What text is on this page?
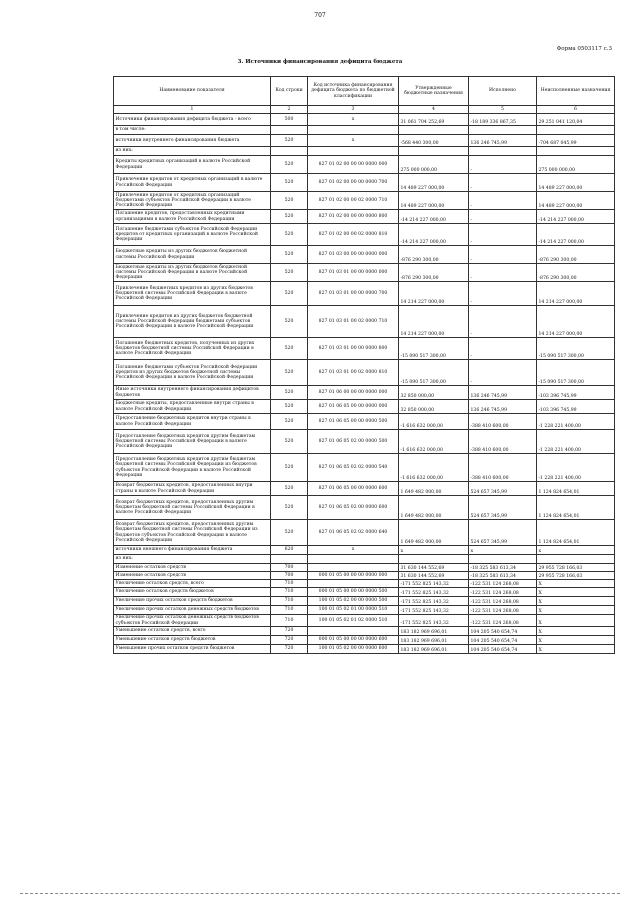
707
Форма 0503117 с.3
3. Источники финансирования дефицита бюджета
Наименование показателя	Код строки	Код источника финансирования дефицита бюджета по бюджетной классификации	Утвержденные бюджетные назначения	Исполнено	Неисполненные назначения
1	2	3	4	5	6
Источники финансирования дефицита бюджета - всего	500	x	31 061 704 252,69	-18 189 336 867,35	29 251 041 120,04
в том числе:					
источники внутреннего финансирования бюджета	520	x	-568 440 300,00	136 246 745,99	-704 687 045,99
из них:					
Кредиты кредитных организаций в валюте Российской Федерации	520	827 01 02 00 00 00 0000 000	275 000 000,00	-	275 000 000,00
Привлечение кредитов от кредитных организаций в валюте Российской Федерации	520	827 01 02 00 00 00 0000 700	14 489 227 000,00	-	14 489 227 000,00
Привлечение кредитов от кредитных организаций бюджетами субъектов Российской Федерации в валюте Российской Федерации	520	827 01 02 00 00 02 0000 710	14 489 227 000,00	-	14 489 227 000,00
Погашение кредитов, предоставленных кредитными организациями в валюте Российской Федерации	520	827 01 02 00 00 00 0000 800	-14 214 227 000,00	-	-14 214 227 000,00
Погашение бюджетами субъектов Российской Федерации кредитов от кредитных организаций в валюте Российской Федерации	520	827 01 02 00 00 02 0000 810	-14 214 227 000,00	-	-14 214 227 000,00
Бюджетные кредиты из других бюджетов бюджетной системы Российской Федерации	520	827 01 03 00 00 00 0000 000	-876 290 300,00	-	-876 290 300,00
Бюджетные кредиты из других бюджетов бюджетной системы Российской Федерации в валюте Российской Федерации	520	827 01 03 01 00 00 0000 000	-876 290 300,00	-	-876 290 300,00
Привлечение бюджетных кредитов из других бюджетов бюджетной системы Российской Федерации в валюте Российской Федерации	520	827 01 03 01 00 00 0000 700	14 214 227 000,00	-	14 214 227 000,00
Привлечение кредитов из других бюджетов бюджетной системы Российской Федерации бюджетами субъектов Российской Федерации в валюте Российской Федерации	520	827 01 03 01 00 02 0000 710	14 214 227 000,00	-	14 214 227 000,00
Погашение бюджетных кредитов, полученных из других бюджетов бюджетной системы Российской Федерации в валюте Российской Федерации	520	827 01 03 01 00 00 0000 800	-15 090 517 300,00	-	-15 090 517 300,00
Погашение бюджетами субъектов Российской Федерации кредитов из других бюджетов бюджетной системы Российской Федерации в валюте Российской Федерации	520	827 01 03 01 00 02 0000 810	-15 090 517 300,00	-	-15 090 517 300,00
Иные источники внутреннего финансирования дефицитов бюджетов	520	827 01 06 00 00 00 0000 000	32 850 000,00	136 246 745,99	-103 396 745,99
Бюджетные кредиты, предоставленные внутри страны в валюте Российской Федерации	520	827 01 06 05 00 00 0000 000	32 850 000,00	136 246 745,99	-103 396 745,99
Предоставление бюджетных кредитов внутри страны в валюте Российской Федерации	520	827 01 06 05 00 00 0000 500	-1 616 632 000,00	-388 410 600,00	-1 228 221 400,00
Предоставление бюджетных кредитов другим бюджетам бюджетной системы Российской Федерации в валюте Российской Федерации	520	827 01 06 05 02 00 0000 500	-1 616 632 000,00	-388 410 600,00	-1 228 221 400,00
Предоставление бюджетных кредитов другим бюджетам бюджетной системы Российской Федерации из бюджетов субъектов Российской Федерации в валюте Российской Федерации	520	827 01 06 05 02 02 0000 540	-1 616 632 000,00	-388 410 600,00	-1 228 221 400,00
Возврат бюджетных кредитов, предоставленных внутри страны в валюте Российской Федерации	520	827 01 06 05 00 00 0000 600	1 649 482 000,00	524 657 345,99	1 124 824 654,01
Возврат бюджетных кредитов, предоставленных другим бюджетам бюджетной системы Российской Федерации в валюте Российской Федерации	520	827 01 06 05 02 00 0000 600	1 649 482 000,00	524 657 345,99	1 124 824 654,01
Возврат бюджетных кредитов, предоставленных другим бюджетам бюджетной системы Российской Федерации из бюджетов субъектов Российской Федерации в валюте Российской Федерации	520	827 01 06 05 02 02 0000 640	1 649 482 000,00	524 657 345,99	1 124 824 654,01
источники внешнего финансирования бюджета	620	x	x	x	x
из них:					
Изменение остатков средств	700		31 630 144 552,69	-18 325 583 613,34	29 955 728 166,03
Изменение остатков средств	700	000 01 05 00 00 00 0000 000	31 630 144 552,69	-18 325 583 613,34	29 955 728 166,03
Увеличение остатков средств, всего	710		-171 552 825 143,32	-122 531 124 268,08	X
Увеличение остатков средств бюджетов	710	000 01 05 00 00 00 0000 500	-171 552 825 143,32	-122 531 124 268,08	X
Увеличение прочих остатков средств бюджетов	710	100 01 05 02 00 00 0000 500	-171 552 825 143,32	-122 531 124 268,08	X
Увеличение прочих остатков денежных средств бюджетов	710	100 01 05 02 01 00 0000 510	-171 552 825 143,32	-122 531 124 268,08	X
Увеличение прочих остатков денежных средств бюджетов субъектов Российской Федерации	710	100 01 05 02 01 02 0000 510	-171 552 825 143,32	-122 531 124 268,08	X
Уменьшение остатков средств, всего	720		183 182 969 696,01	104 205 540 654,74	X
Уменьшение остатков средств бюджетов	720	000 01 05 00 00 00 0000 600	183 182 969 696,01	104 205 540 654,74	X
Уменьшение прочих остатков средств бюджетов	720	100 01 05 02 00 00 0000 600	183 182 969 696,01	104 205 540 654,74	X
